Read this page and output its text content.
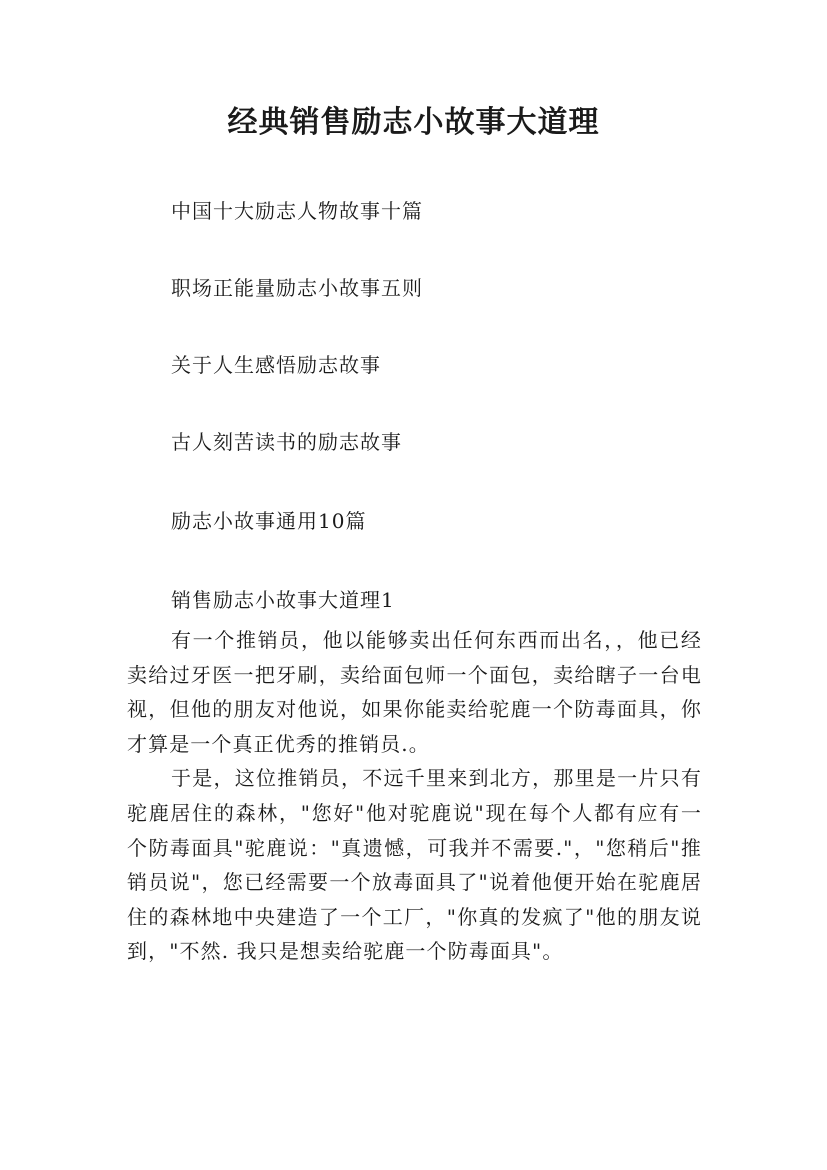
经典销售励志小故事大道理

中国十大励志人物故事十篇

职场正能量励志小故事五则

关于人生感悟励志故事

古人刻苦读书的励志故事

励志小故事通用10篇

销售励志小故事大道理1

有一个推销员，他以能够卖出任何东西而出名，，他已经卖给过牙医一把牙刷，卖给面包师一个面包，卖给瞎子一台电视，但他的朋友对他说，如果你能卖给驼鹿一个防毒面具，你才算是一个真正优秀的推销员.。

于是，这位推销员，不远千里来到北方，那里是一片只有驼鹿居住的森林，"您好"他对驼鹿说"现在每个人都有应有一个防毒面具"驼鹿说："真遗憾，可我并不需要."，"您稍后"推销员说"，您已经需要一个放毒面具了"说着他便开始在驼鹿居住的森林地中央建造了一个工厂，"你真的发疯了"他的朋友说到，"不然. 我只是想卖给驼鹿一个防毒面具"。
